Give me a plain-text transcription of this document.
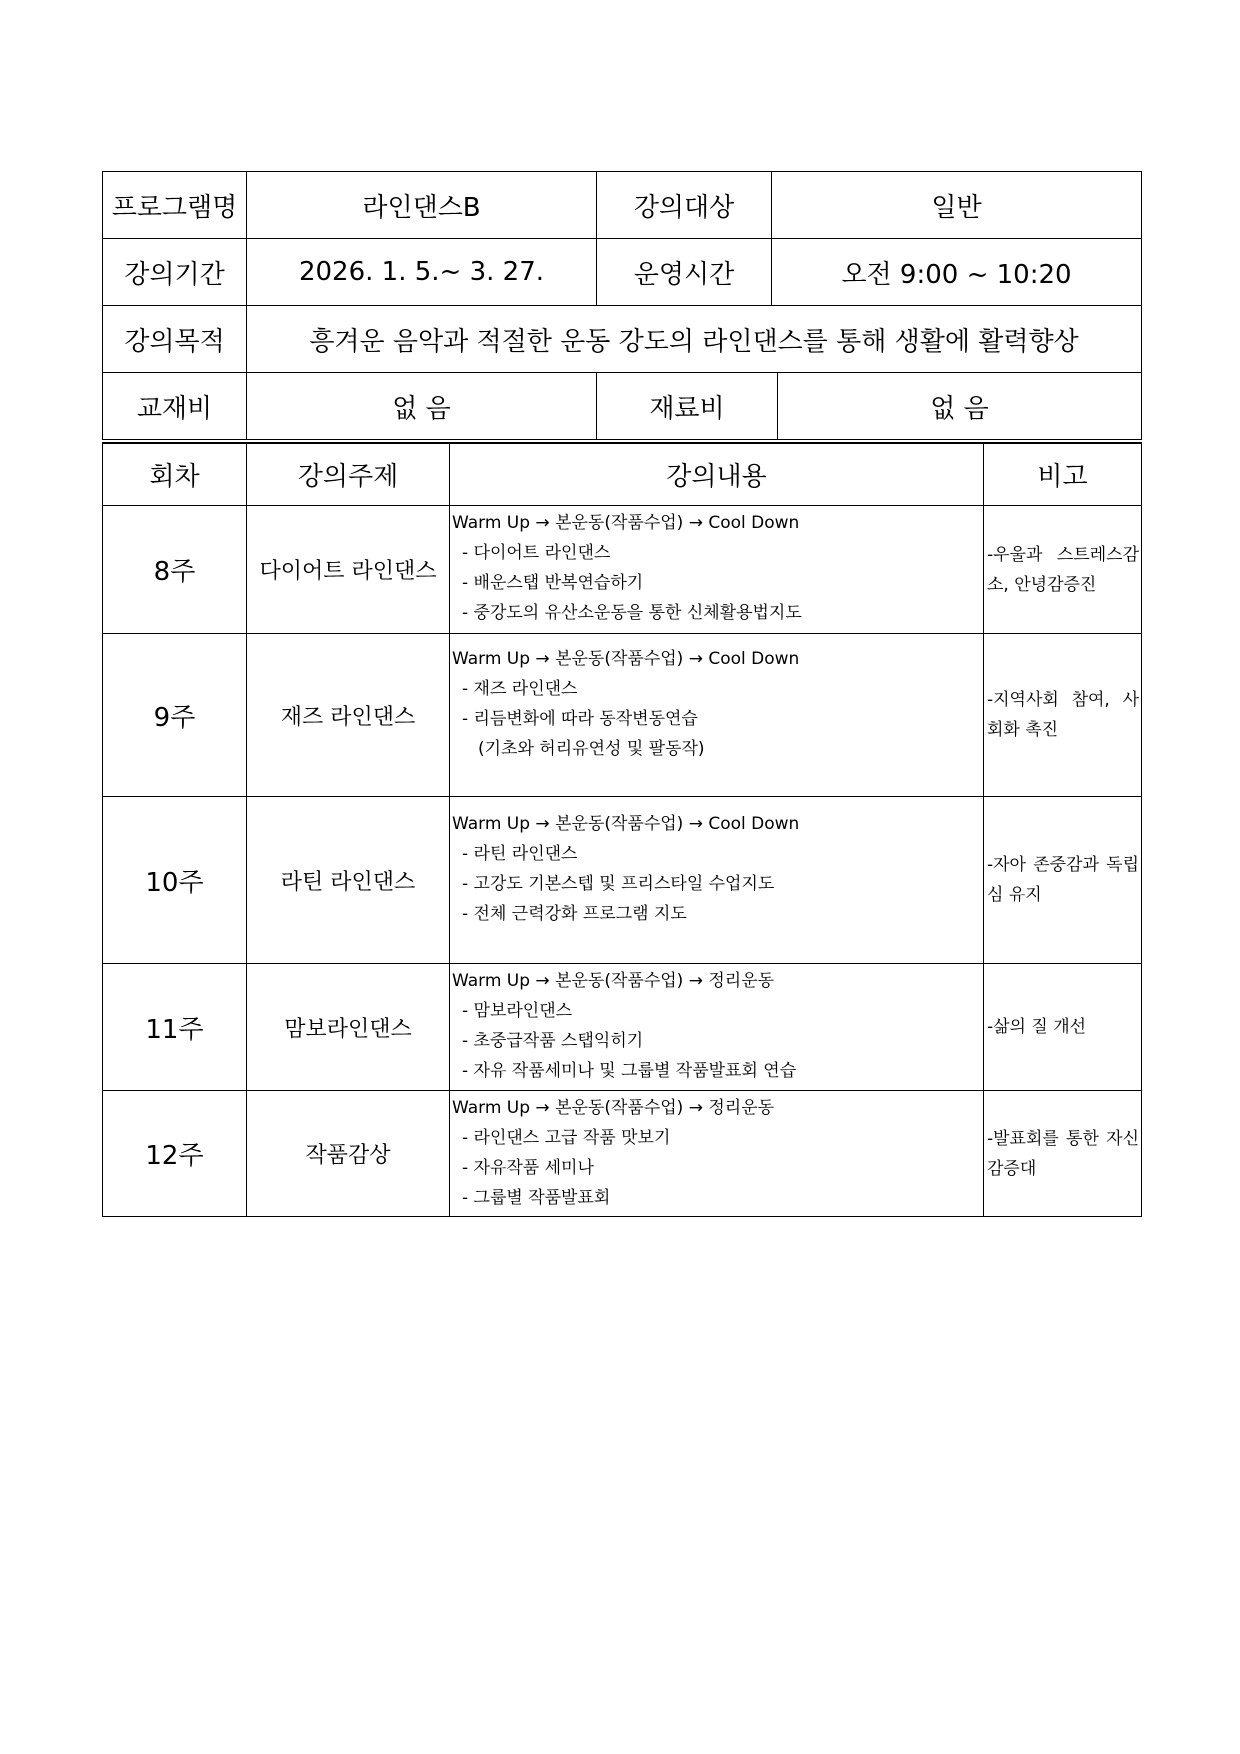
프로그램명	라인댄스B	강의대상	일반	
강의기간	2026. 1. 5.~ 3. 27.	운영시간	오전 9:00 ~ 10:20	
강의목적	흥겨운 음악과 적절한 운동 강도의 라인댄스를 통해 생활에 활력향상			
교재비	없 음	재료비		없 음
회차	강의주제	강의내용	비고
8주	다이어트 라인댄스	Warm Up → 본운동(작품수업) → Cool Down
- 다이어트 라인댄스
- 배운스탭 반복연습하기
- 중강도의 유산소운동을 통한 신체활용법지도	-우울과 스트레스감소, 안녕감증진

9주	재즈 라인댄스	Warm Up → 본운동(작품수업) → Cool Down
- 재즈 라인댄스
- 리듬변화에 따라 동작변동연습
(기초와 허리유연성 및 팔동작)	-지역사회 참여, 사회화 촉진

10주	라틴 라인댄스	Warm Up → 본운동(작품수업) → Cool Down
- 라틴 라인댄스
- 고강도 기본스텝 및 프리스타일 수업지도
- 전체 근력강화 프로그램 지도	-자아 존중감과 독립심 유지

11주	맘보라인댄스	Warm Up → 본운동(작품수업) → 정리운동
- 맘보라인댄스
- 초중급작품 스탭익히기
- 자유 작품세미나 및 그룹별 작품발표회 연습	-삶의 질 개선

12주	작품감상	Warm Up → 본운동(작품수업) → 정리운동
- 라인댄스 고급 작품 맛보기
- 자유작품 세미나
- 그룹별 작품발표회	-발표회를 통한 자신감증대
